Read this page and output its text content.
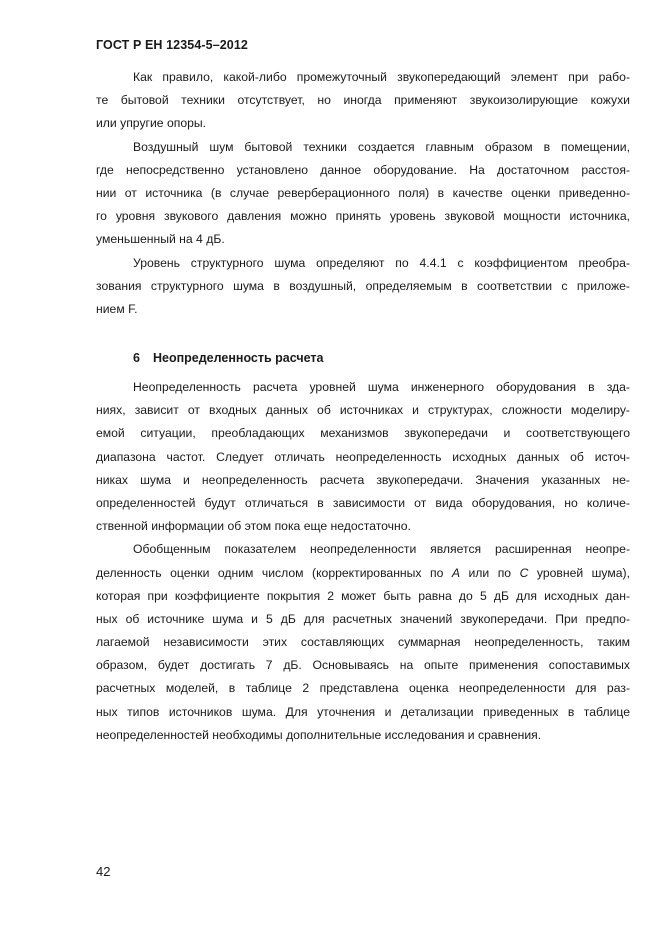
ГОСТ Р ЕН 12354-5–2012
Как правило, какой-либо промежуточный звукопередающий элемент при рабо-
те бытовой техники отсутствует, но иногда применяют звукоизолирующие кожухи
или упругие опоры.
Воздушный шум бытовой техники создается главным образом в помещении,
где непосредственно установлено данное оборудование. На достаточном расстоя-
нии от источника (в случае реверберационного поля) в качестве оценки приведенно-
го уровня звукового давления можно принять уровень звуковой мощности источника,
уменьшенный на 4 дБ.
Уровень структурного шума определяют по 4.4.1 с коэффициентом преобра-
зования структурного шума в воздушный, определяемым в соответствии с приложе-
нием F.
6 Неопределенность расчета
Неопределенность расчета уровней шума инженерного оборудования в зда-
ниях, зависит от входных данных об источниках и структурах, сложности моделиру-
емой ситуации, преобладающих механизмов звукопередачи и соответствующего
диапазона частот. Следует отличать неопределенность исходных данных об источ-
никах шума и неопределенность расчета звукопередачи. Значения указанных не-
определенностей будут отличаться в зависимости от вида оборудования, но количе-
ственной информации об этом пока еще недостаточно.
Обобщенным показателем неопределенности является расширенная неопре-
деленность оценки одним числом (корректированных по A или по C уровней шума),
которая при коэффициенте покрытия 2 может быть равна до 5 дБ для исходных дан-
ных об источнике шума и 5 дБ для расчетных значений звукопередачи. При предпо-
лагаемой независимости этих составляющих суммарная неопределенность, таким
образом, будет достигать 7 дБ. Основываясь на опыте применения сопоставимых
расчетных моделей, в таблице 2 представлена оценка неопределенности для раз-
ных типов источников шума. Для уточнения и детализации приведенных в таблице
неопределенностей необходимы дополнительные исследования и сравнения.
42
